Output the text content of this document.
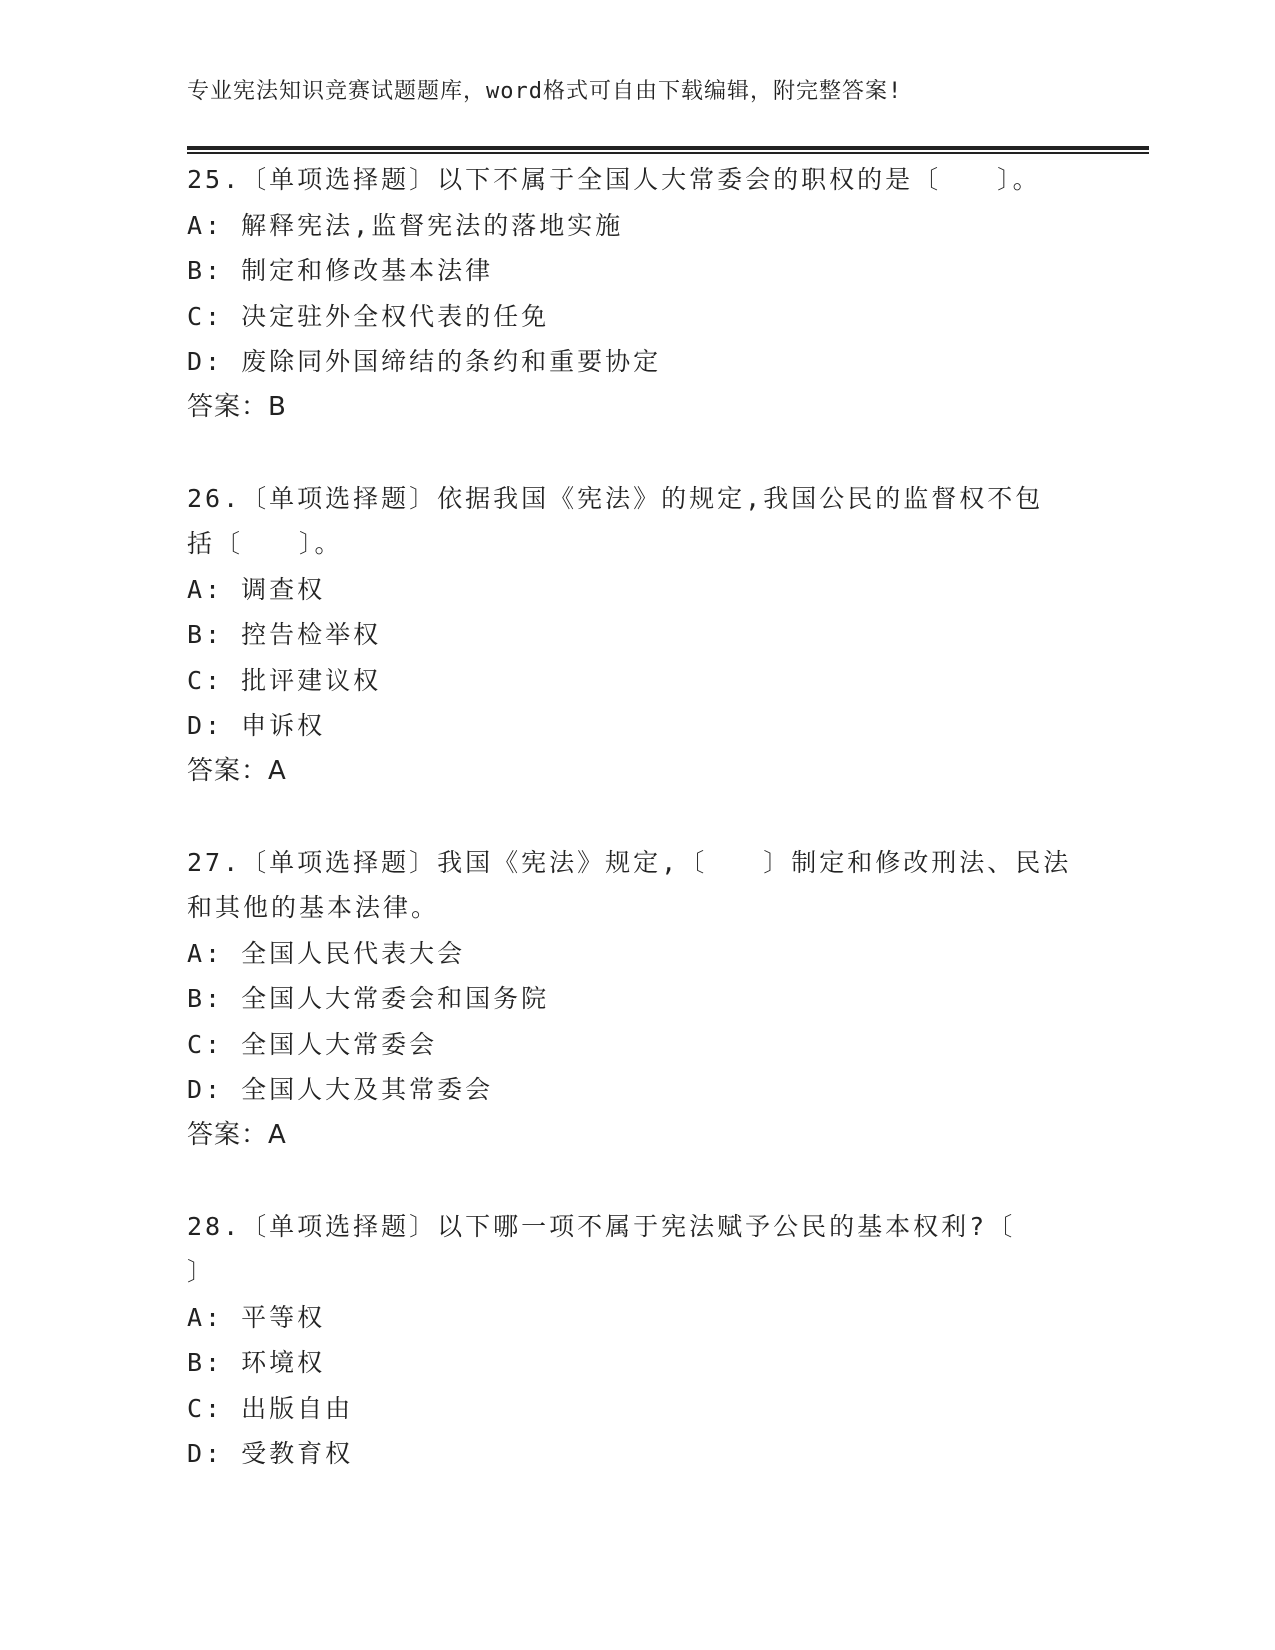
专业宪法知识竞赛试题题库，word格式可自由下载编辑，附完整答案!
25.〔单项选择题〕以下不属于全国人大常委会的职权的是〔　　〕。
A: 解释宪法,监督宪法的落地实施
B: 制定和修改基本法律
C: 决定驻外全权代表的任免
D: 废除同外国缔结的条约和重要协定
答案：B
26.〔单项选择题〕依据我国《宪法》的规定,我国公民的监督权不包
括〔　　〕。
A: 调查权
B: 控告检举权
C: 批评建议权
D: 申诉权
答案：A
27.〔单项选择题〕我国《宪法》规定,〔　　〕制定和修改刑法、民法
和其他的基本法律。
A: 全国人民代表大会
B: 全国人大常委会和国务院
C: 全国人大常委会
D: 全国人大及其常委会
答案：A
28.〔单项选择题〕以下哪一项不属于宪法赋予公民的基本权利?〔
〕
A: 平等权
B: 环境权
C: 出版自由
D: 受教育权
